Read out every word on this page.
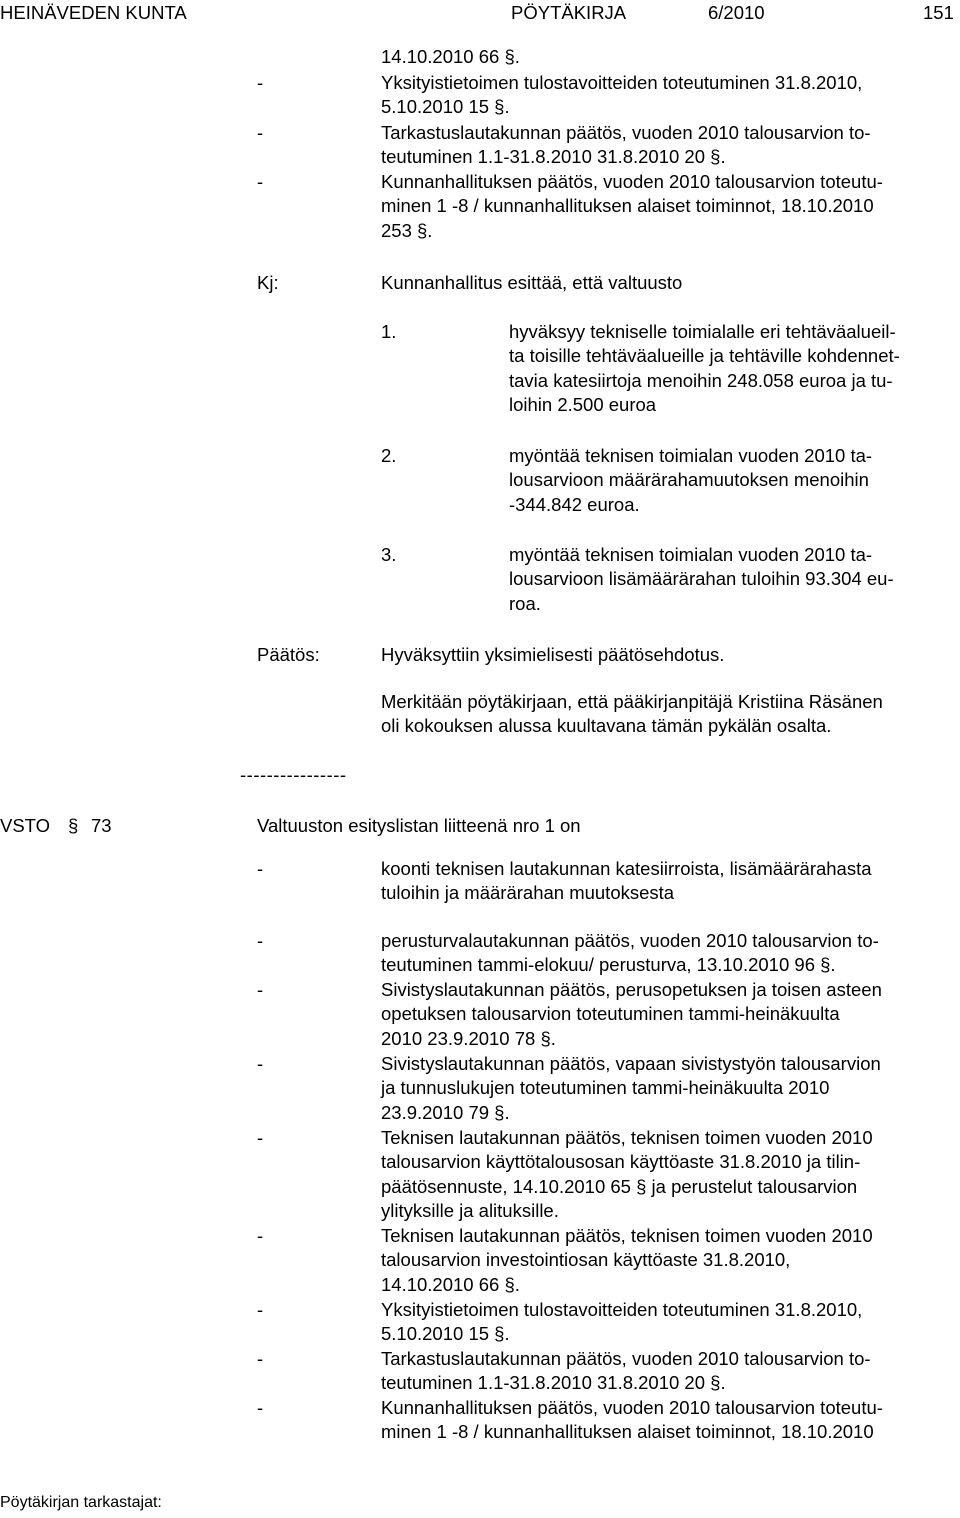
HEINÄVEDEN KUNTA	PÖYTÄKIRJA	6/2010	151
14.10.2010 66 §.
-	Yksityistietoimen tulostavoitteiden toteutuminen 31.8.2010,
5.10.2010 15 §.
-	Tarkastuslautakunnan päätös, vuoden 2010 talousarvion to-
teutuminen 1.1-31.8.2010 31.8.2010 20 §.
-	Kunnanhallituksen päätös, vuoden 2010 talousarvion toteutu-
minen 1 -8 / kunnanhallituksen alaiset toiminnot, 18.10.2010
253 §.
Kj:	Kunnanhallitus esittää, että valtuusto
1.	hyväksyy tekniselle toimialalle eri tehtäväalueil-
ta toisille tehtäväalueille ja tehtäville kohdennet-
tavia katesiirtoja menoihin 248.058 euroa ja tu-
loihin 2.500 euroa
2.	myöntää teknisen toimialan vuoden 2010 ta-
lousarvioon määrärahamuutoksen menoihin
-344.842 euroa.
3.	myöntää teknisen toimialan vuoden 2010 ta-
lousarvioon lisämäärärahan tuloihin 93.304 eu-
roa.
Päätös:	Hyväksyttiin yksimielisesti päätösehdotus.
Merkitään pöytäkirjaan, että pääkirjanpitäjä Kristiina Räsänen
oli kokouksen alussa kuultavana tämän pykälän osalta.
----------------
VSTO § 73	Valtuuston esityslistan liitteenä nro 1 on
-	koonti teknisen lautakunnan katesiirroista, lisämäärärahasta
tuloihin ja määrärahan muutoksesta
-	perusturvalautakunnan päätös, vuoden 2010 talousarvion to-
teutuminen tammi-elokuu/ perusturva, 13.10.2010 96 §.
-	Sivistyslautakunnan päätös, perusopetuksen ja toisen asteen
opetuksen talousarvion toteutuminen tammi-heinäkuulta
2010 23.9.2010 78 §.
-	Sivistyslautakunnan päätös, vapaan sivistystyön talousarvion
ja tunnuslukujen toteutuminen tammi-heinäkuulta 2010
23.9.2010 79 §.
-	Teknisen lautakunnan päätös, teknisen toimen vuoden 2010
talousarvion käyttötalousosan käyttöaste 31.8.2010 ja tilin-
päätösennuste, 14.10.2010 65 § ja perustelut talousarvion
ylityksille ja alituksille.
-	Teknisen lautakunnan päätös, teknisen toimen vuoden 2010
talousarvion investointiosan käyttöaste 31.8.2010,
14.10.2010 66 §.
-	Yksityistietoimen tulostavoitteiden toteutuminen 31.8.2010,
5.10.2010 15 §.
-	Tarkastuslautakunnan päätös, vuoden 2010 talousarvion to-
teutuminen 1.1-31.8.2010 31.8.2010 20 §.
-	Kunnanhallituksen päätös, vuoden 2010 talousarvion toteutu-
minen 1 -8 / kunnanhallituksen alaiset toiminnot, 18.10.2010
Pöytäkirjan tarkastajat:
